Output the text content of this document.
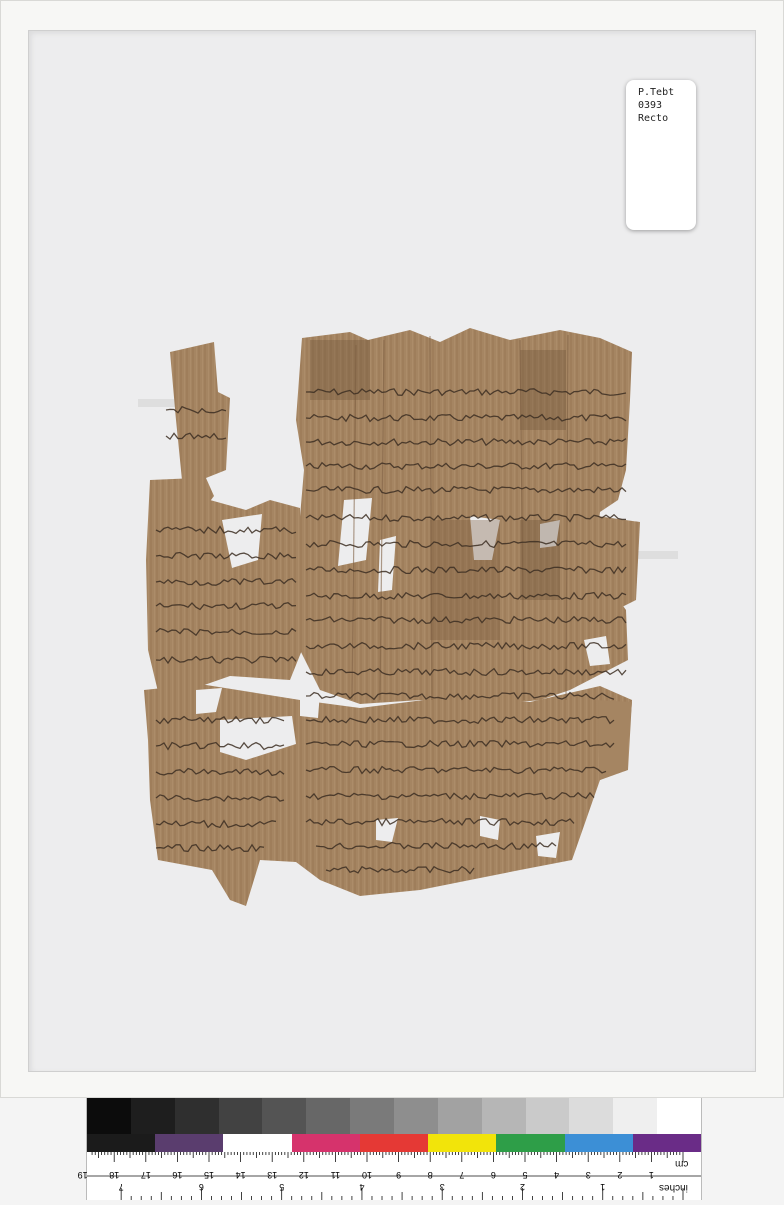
P.Tebt
0393
Recto
1
2
3
4
5
6
7
8
9
10
11
12
13
14
15
16
17
18
19
1
2
3
4
5
6
7
cm
inches
